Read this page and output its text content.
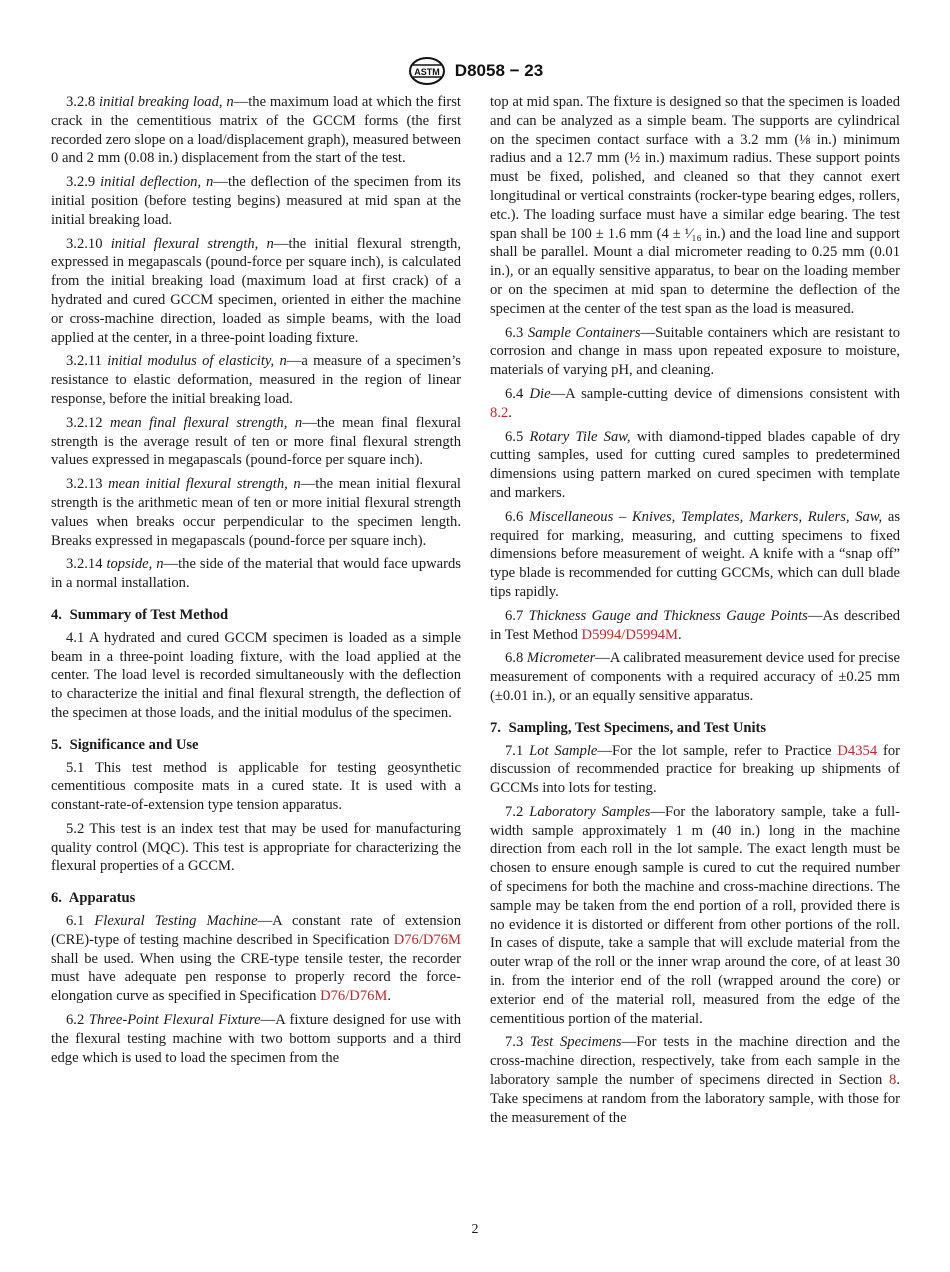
ASTM D8058 − 23

3.2.8 initial breaking load, n—the maximum load at which the first crack in the cementitious matrix of the GCCM forms (the first recorded zero slope on a load/displacement graph), measured between 0 and 2 mm (0.08 in.) displacement from the start of the test.

3.2.9 initial deflection, n—the deflection of the specimen from its initial position (before testing begins) measured at mid span at the initial breaking load.

3.2.10 initial flexural strength, n—the initial flexural strength, expressed in megapascals (pound-force per square inch), is calculated from the initial breaking load (maximum load at first crack) of a hydrated and cured GCCM specimen, oriented in either the machine or cross-machine direction, loaded as simple beams, with the load applied at the center, in a three-point loading fixture.

3.2.11 initial modulus of elasticity, n—a measure of a specimen’s resistance to elastic deformation, measured in the region of linear response, before the initial breaking load.

3.2.12 mean final flexural strength, n—the mean final flexural strength is the average result of ten or more final flexural strength values expressed in megapascals (pound-force per square inch).

3.2.13 mean initial flexural strength, n—the mean initial flexural strength is the arithmetic mean of ten or more initial flexural strength values when breaks occur perpendicular to the specimen length. Breaks expressed in megapascals (pound-force per square inch).

3.2.14 topside, n—the side of the material that would face upwards in a normal installation.

4. Summary of Test Method

4.1 A hydrated and cured GCCM specimen is loaded as a simple beam in a three-point loading fixture, with the load applied at the center. The load level is recorded simultaneously with the deflection to characterize the initial and final flexural strength, the deflection of the specimen at those loads, and the initial modulus of the specimen.

5. Significance and Use

5.1 This test method is applicable for testing geosynthetic cementitious composite mats in a cured state. It is used with a constant-rate-of-extension type tension apparatus.

5.2 This test is an index test that may be used for manufacturing quality control (MQC). This test is appropriate for characterizing the flexural properties of a GCCM.

6. Apparatus

6.1 Flexural Testing Machine—A constant rate of extension (CRE)-type of testing machine described in Specification D76/D76M shall be used. When using the CRE-type tensile tester, the recorder must have adequate pen response to properly record the force-elongation curve as specified in Specification D76/D76M.

6.2 Three-Point Flexural Fixture—A fixture designed for use with the flexural testing machine with two bottom supports and a third edge which is used to load the specimen from the

top at mid span. The fixture is designed so that the specimen is loaded and can be analyzed as a simple beam. The supports are cylindrical on the specimen contact surface with a 3.2 mm (⅛ in.) minimum radius and a 12.7 mm (½ in.) maximum radius. These support points must be fixed, polished, and cleaned so that they cannot exert longitudinal or vertical constraints (rocker-type bearing edges, rollers, etc.). The loading surface must have a similar edge bearing. The test span shall be 100 ± 1.6 mm (4 ± ¹⁄₁₆ in.) and the load line and support shall be parallel. Mount a dial micrometer reading to 0.25 mm (0.01 in.), or an equally sensitive apparatus, to bear on the loading member or on the specimen at mid span to determine the deflection of the specimen at the center of the test span as the load is measured.

6.3 Sample Containers—Suitable containers which are resistant to corrosion and change in mass upon repeated exposure to moisture, materials of varying pH, and cleaning.

6.4 Die—A sample-cutting device of dimensions consistent with 8.2.

6.5 Rotary Tile Saw, with diamond-tipped blades capable of dry cutting samples, used for cutting cured samples to predetermined dimensions using pattern marked on cured specimen with template and markers.

6.6 Miscellaneous – Knives, Templates, Markers, Rulers, Saw, as required for marking, measuring, and cutting specimens to fixed dimensions before measurement of weight. A knife with a “snap off” type blade is recommended for cutting GCCMs, which can dull blade tips rapidly.

6.7 Thickness Gauge and Thickness Gauge Points—As described in Test Method D5994/D5994M.

6.8 Micrometer—A calibrated measurement device used for precise measurement of components with a required accuracy of ±0.25 mm (±0.01 in.), or an equally sensitive apparatus.

7. Sampling, Test Specimens, and Test Units

7.1 Lot Sample—For the lot sample, refer to Practice D4354 for discussion of recommended practice for breaking up shipments of GCCMs into lots for testing.

7.2 Laboratory Samples—For the laboratory sample, take a full-width sample approximately 1 m (40 in.) long in the machine direction from each roll in the lot sample. The exact length must be chosen to ensure enough sample is cured to cut the required number of specimens for both the machine and cross-machine directions. The sample may be taken from the end portion of a roll, provided there is no evidence it is distorted or different from other portions of the roll. In cases of dispute, take a sample that will exclude material from the outer wrap of the roll or the inner wrap around the core, of at least 30 in. from the interior end of the roll (wrapped around the core) or exterior end of the material roll, measured from the edge of the cementitious portion of the material.

7.3 Test Specimens—For tests in the machine direction and the cross-machine direction, respectively, take from each sample in the laboratory sample the number of specimens directed in Section 8. Take specimens at random from the laboratory sample, with those for the measurement of the

2
